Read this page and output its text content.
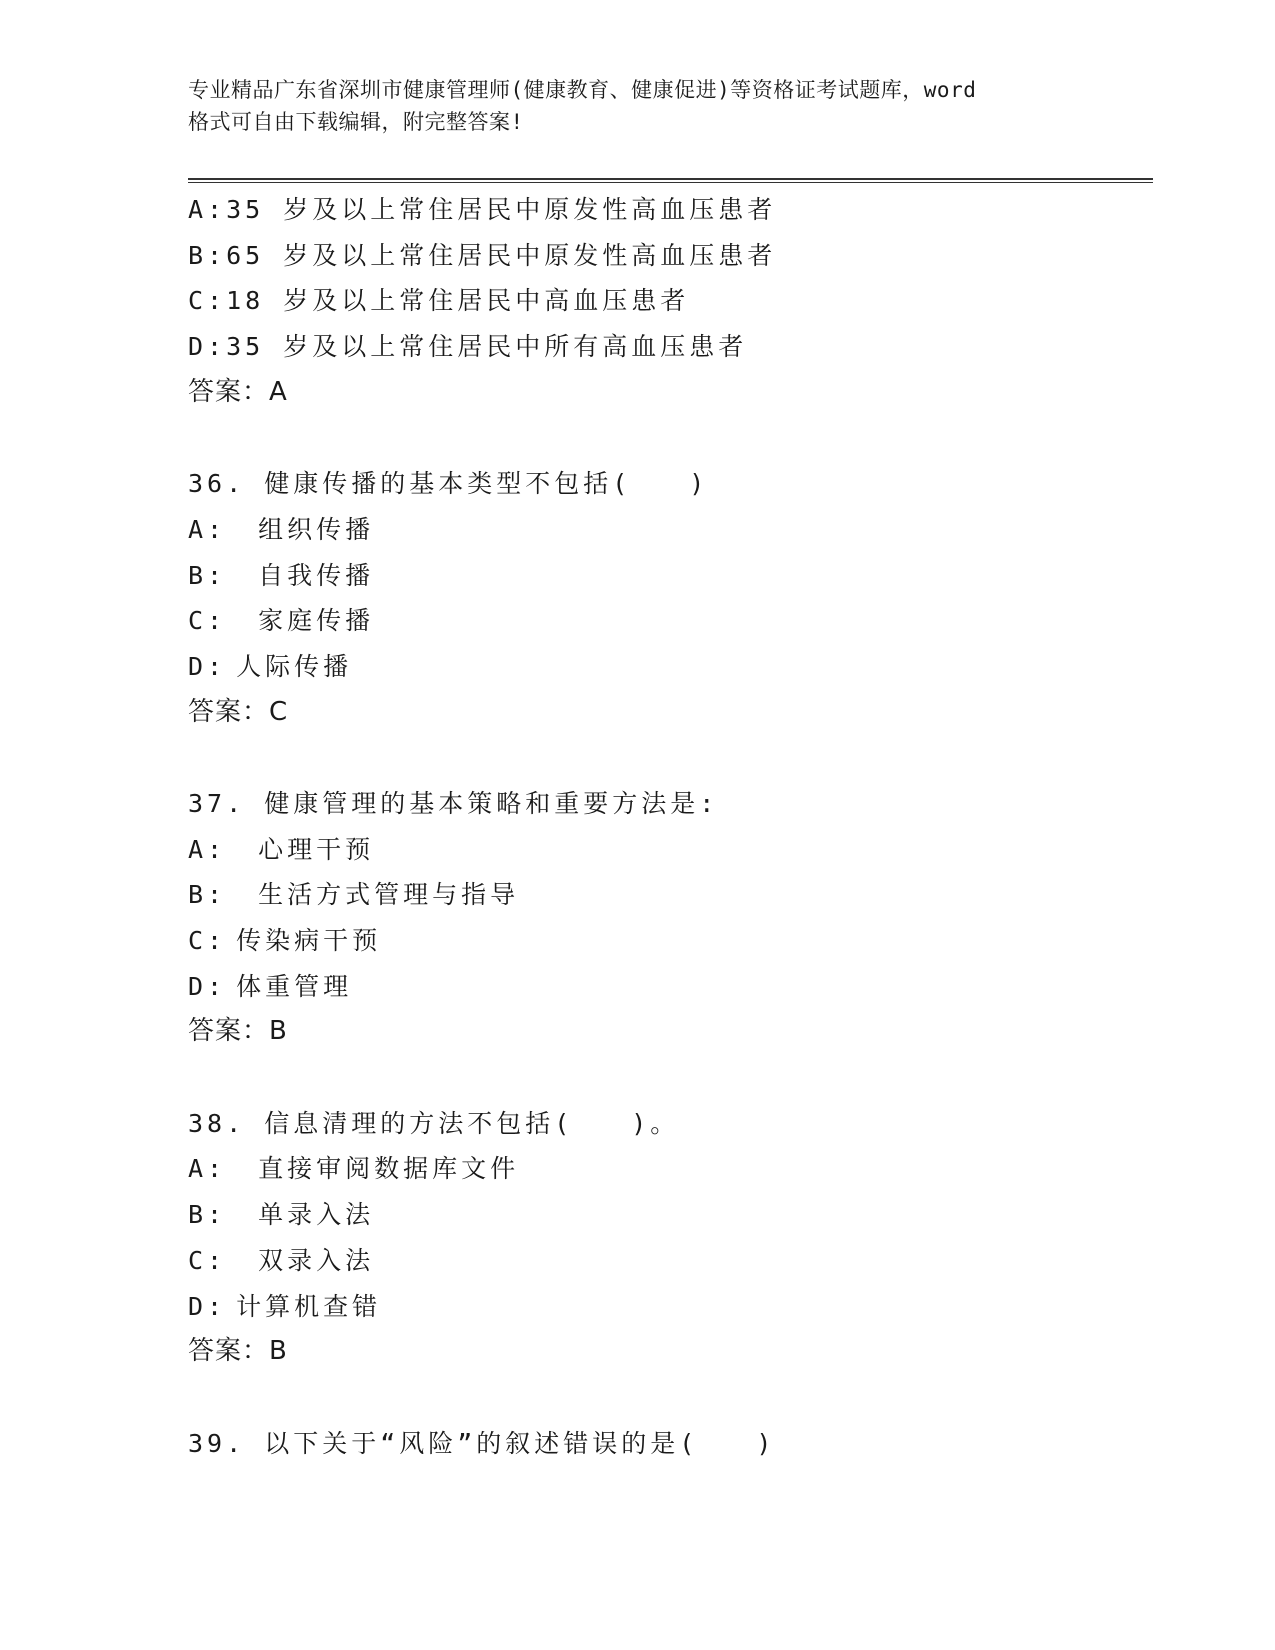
专业精品广东省深圳市健康管理师(健康教育、健康促进)等资格证考试题库，word
格式可自由下载编辑，附完整答案!
A:35 岁及以上常住居民中原发性高血压患者
B:65 岁及以上常住居民中原发性高血压患者
C:18 岁及以上常住居民中高血压患者
D:35 岁及以上常住居民中所有高血压患者
答案：A
36. 健康传播的基本类型不包括(　　)
A: 组织传播
B: 自我传播
C: 家庭传播
D: 人际传播
答案：C
37. 健康管理的基本策略和重要方法是:
A: 心理干预
B: 生活方式管理与指导
C: 传染病干预
D: 体重管理
答案：B
38. 信息清理的方法不包括(　　)。
A: 直接审阅数据库文件
B: 单录入法
C: 双录入法
D: 计算机查错
答案：B
39. 以下关于“风险”的叙述错误的是(　　)
